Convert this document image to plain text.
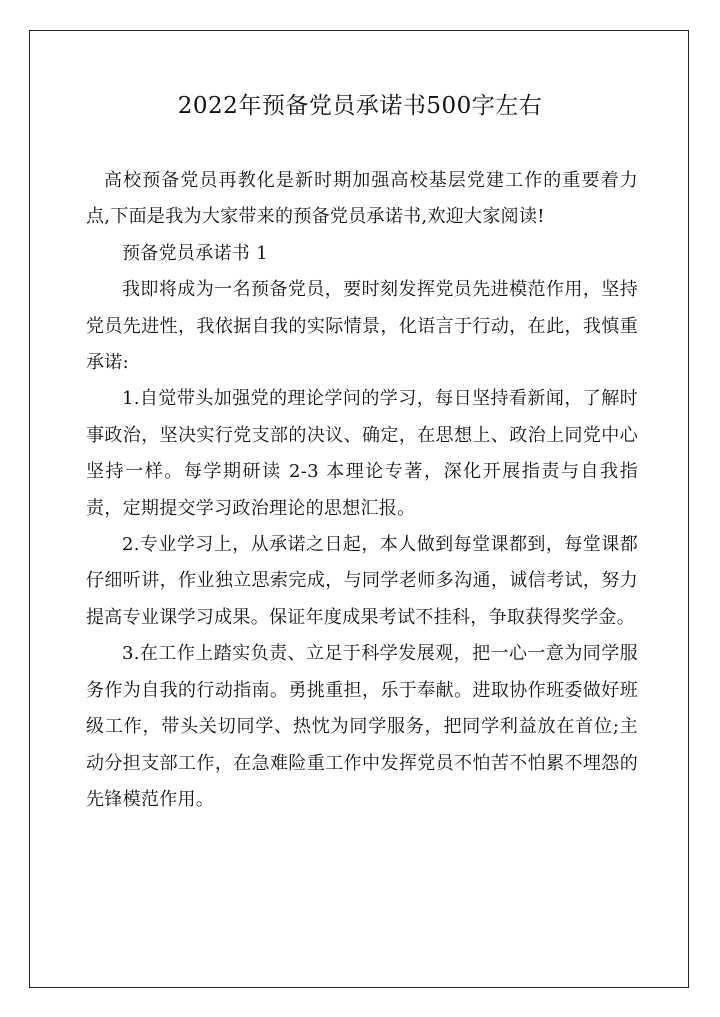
2022年预备党员承诺书500字左右

高校预备党员再教化是新时期加强高校基层党建工作的重要着力点,下面是我为大家带来的预备党员承诺书,欢迎大家阅读!

预备党员承诺书 1

我即将成为一名预备党员，要时刻发挥党员先进模范作用，坚持党员先进性，我依据自我的实际情景，化语言于行动，在此，我慎重承诺:

1.自觉带头加强党的理论学问的学习，每日坚持看新闻，了解时事政治，坚决实行党支部的决议、确定，在思想上、政治上同党中心坚持一样。每学期研读 2-3 本理论专著，深化开展指责与自我指责，定期提交学习政治理论的思想汇报。

2.专业学习上，从承诺之日起，本人做到每堂课都到，每堂课都仔细听讲，作业独立思索完成，与同学老师多沟通，诚信考试，努力提高专业课学习成果。保证年度成果考试不挂科，争取获得奖学金。

3.在工作上踏实负责、立足于科学发展观，把一心一意为同学服务作为自我的行动指南。勇挑重担，乐于奉献。进取协作班委做好班级工作，带头关切同学、热忱为同学服务，把同学利益放在首位;主动分担支部工作，在急难险重工作中发挥党员不怕苦不怕累不埋怨的先锋模范作用。
